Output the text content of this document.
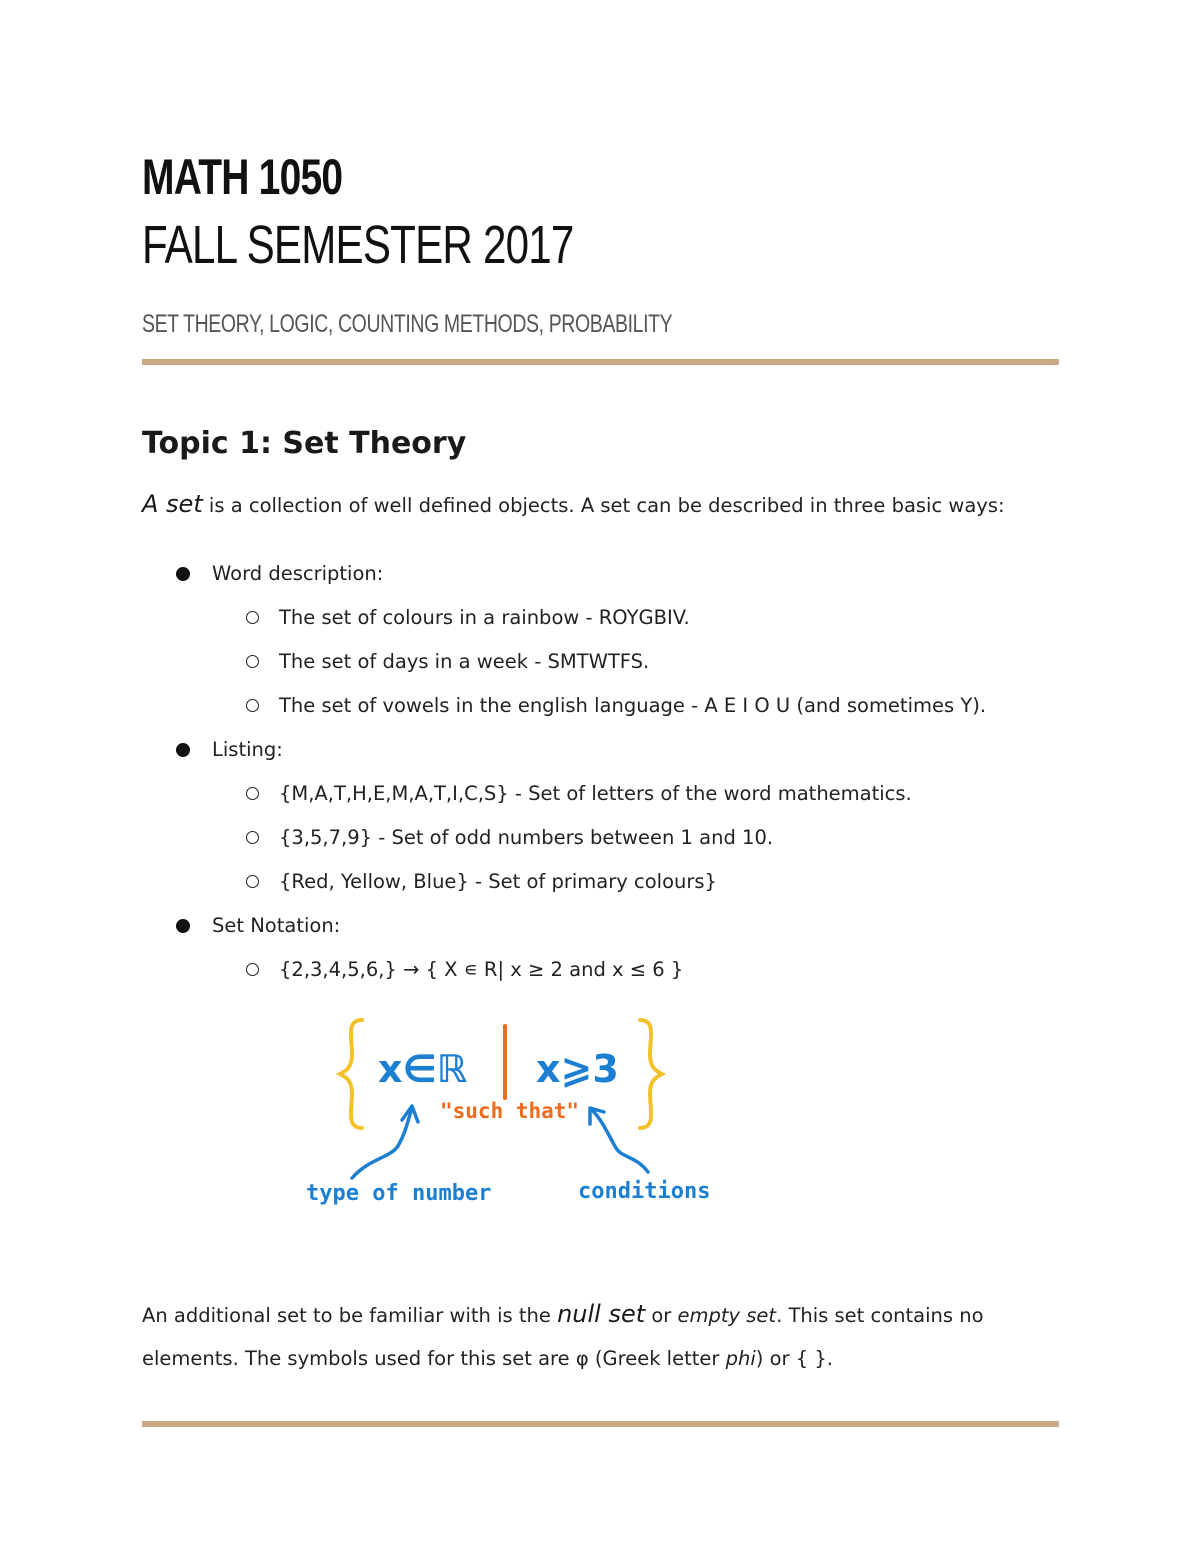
MATH 1050
FALL SEMESTER 2017
SET THEORY, LOGIC, COUNTING METHODS, PROBABILITY
Topic 1: Set Theory
A set is a collection of well defined objects. A set can be described in three basic ways:
Word description:
The set of colours in a rainbow - ROYGBIV.
The set of days in a week - SMTWTFS.
The set of vowels in the english language - A E I O U (and sometimes Y).
Listing:
{M,A,T,H,E,M,A,T,I,C,S} - Set of letters of the word mathematics.
{3,5,7,9} - Set of odd numbers between 1 and 10.
{Red, Yellow, Blue} - Set of primary colours}
Set Notation:
{2,3,4,5,6,} → { X ∊ R| x ≥ 2 and x ≤ 6 }
x∈ℝ x⩾3
"such that"
type of number	conditions
An additional set to be familiar with is the null set or empty set. This set contains no
elements. The symbols used for this set are φ (Greek letter phi) or { }.
